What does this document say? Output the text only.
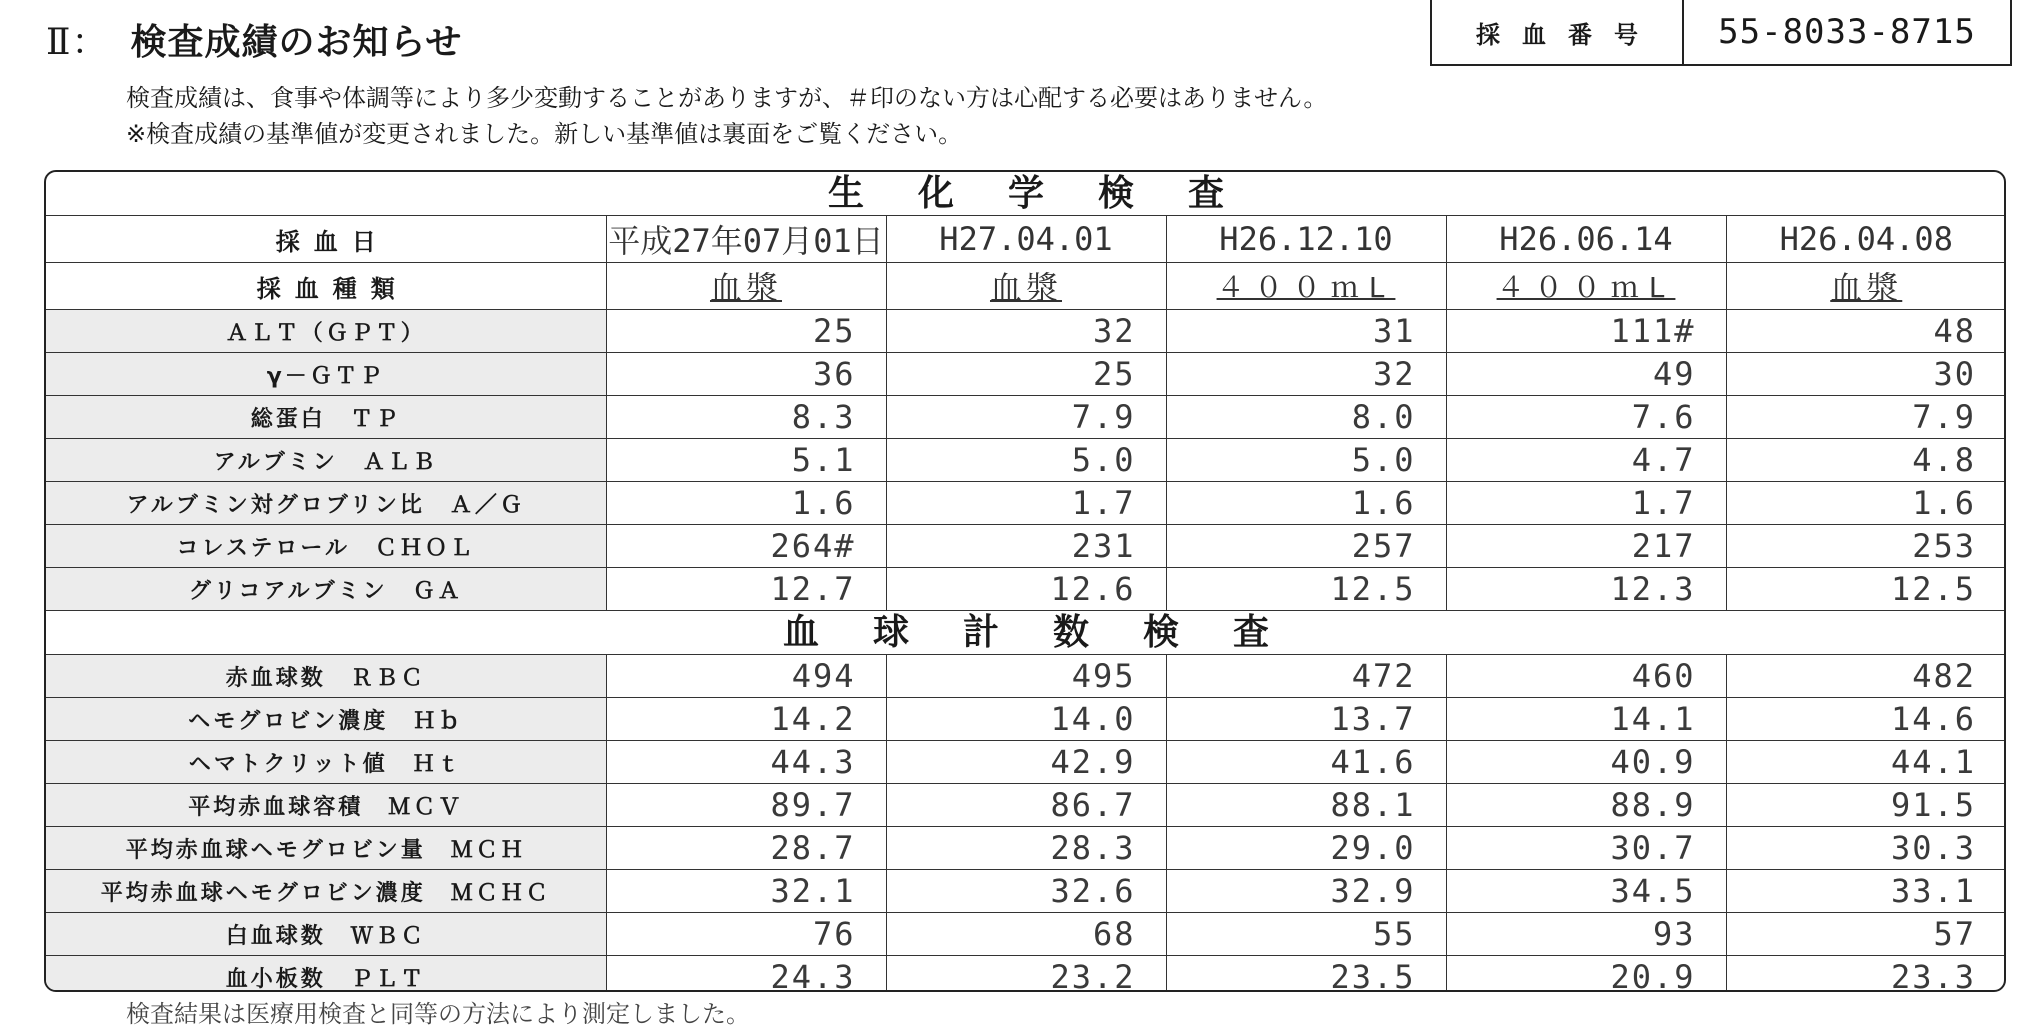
Ⅱ： 検査成績のお知らせ
検査成績は、食事や体調等により多少変動することがありますが、＃印のない方は心配する必要はありません。
※検査成績の基準値が変更されました。新しい基準値は裏面をご覧ください。
採血番号	55-8033-8715
生化学検査					
採血日	平成27年07月01日	H27.04.01	H26.12.10	H26.06.14	H26.04.08
採血種類	血漿	血漿	４００ｍL	４００ｍL	血漿
ＡＬＴ（ＧＰＴ）	25	32	31	111#	48
γ－ＧＴＰ	36	25	32	49	30
総蛋白　ＴＰ	8.3	7.9	8.0	7.6	7.9
アルブミン　ＡＬＢ	5.1	5.0	5.0	4.7	4.8
アルブミン対グロブリン比　Ａ／Ｇ	1.6	1.7	1.6	1.7	1.6
コレステロール　ＣＨＯＬ	264#	231	257	217	253
グリコアルブミン　ＧＡ	12.7	12.6	12.5	12.3	12.5
血球計数検査					
赤血球数　ＲＢＣ	494	495	472	460	482
ヘモグロビン濃度　Ｈｂ	14.2	14.0	13.7	14.1	14.6
ヘマトクリット値　Ｈｔ	44.3	42.9	41.6	40.9	44.1
平均赤血球容積　ＭＣＶ	89.7	86.7	88.1	88.9	91.5
平均赤血球ヘモグロビン量　ＭＣＨ	28.7	28.3	29.0	30.7	30.3
平均赤血球ヘモグロビン濃度　ＭＣＨＣ	32.1	32.6	32.9	34.5	33.1
白血球数　ＷＢＣ	76	68	55	93	57
血小板数　ＰＬＴ	24.3	23.2	23.5	20.9	23.3
検査結果は医療用検査と同等の方法により測定しました。
